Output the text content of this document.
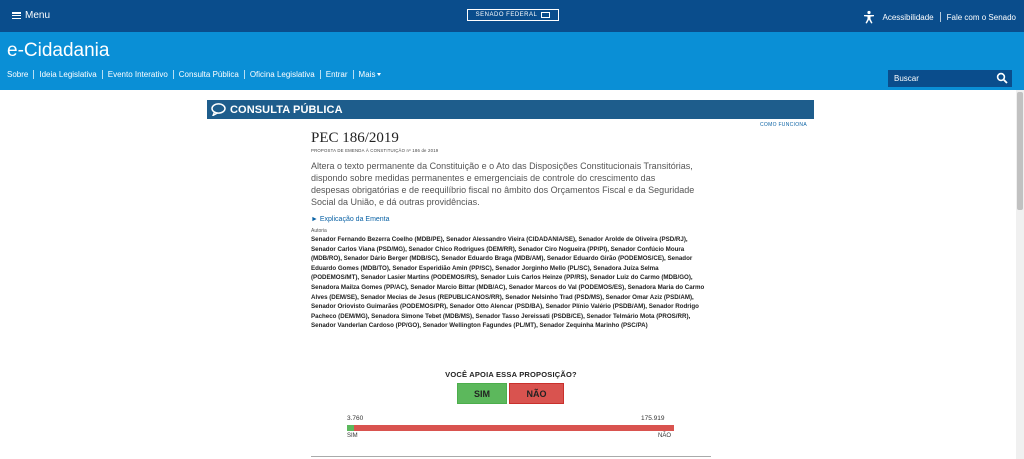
Menu	SENADO FEDERAL	Acessibilidade Fale com o Senado
e-Cidadania
Buscar
Sobre	Ideia Legislativa	Evento Interativo	Consulta Pública	Oficina Legislativa	Entrar	Mais
CONSULTA PÚBLICA
COMO FUNCIONA
PEC 186/2019
PROPOSTA DE EMENDA À CONSTITUIÇÃO nº 186 de 2019
Altera o texto permanente da Constituição e o Ato das Disposições Constitucionais Transitórias, dispondo sobre medidas permanentes e emergenciais de controle do crescimento das despesas obrigatórias e de reequilíbrio fiscal no âmbito dos Orçamentos Fiscal e da Seguridade Social da União, e dá outras providências.
► Explicação da Ementa
Autoria
Senador Fernando Bezerra Coelho (MDB/PE), Senador Alessandro Vieira (CIDADANIA/SE), Senador Arolde de Oliveira (PSD/RJ), Senador Carlos Viana (PSD/MG), Senador Chico Rodrigues (DEM/RR), Senador Ciro Nogueira (PP/PI), Senador Confúcio Moura (MDB/RO), Senador Dário Berger (MDB/SC), Senador Eduardo Braga (MDB/AM), Senador Eduardo Girão (PODEMOS/CE), Senador Eduardo Gomes (MDB/TO), Senador Esperidião Amin (PP/SC), Senador Jorginho Mello (PL/SC), Senadora Juíza Selma (PODEMOS/MT), Senador Lasier Martins (PODEMOS/RS), Senador Luis Carlos Heinze (PP/RS), Senador Luiz do Carmo (MDB/GO), Senadora Mailza Gomes (PP/AC), Senador Marcio Bittar (MDB/AC), Senador Marcos do Val (PODEMOS/ES), Senadora Maria do Carmo Alves (DEM/SE), Senador Mecias de Jesus (REPUBLICANOS/RR), Senador Nelsinho Trad (PSD/MS), Senador Omar Aziz (PSD/AM), Senador Oriovisto Guimarães (PODEMOS/PR), Senador Otto Alencar (PSD/BA), Senador Plínio Valério (PSDB/AM), Senador Rodrigo Pacheco (DEM/MG), Senadora Simone Tebet (MDB/MS), Senador Tasso Jereissati (PSDB/CE), Senador Telmário Mota (PROS/RR), Senador Vanderlan Cardoso (PP/GO), Senador Wellington Fagundes (PL/MT), Senador Zequinha Marinho (PSC/PA)
VOCÊ APOIA ESSA PROPOSIÇÃO?
SIM	NÃO
3.760	175.919
SIM	NÃO
